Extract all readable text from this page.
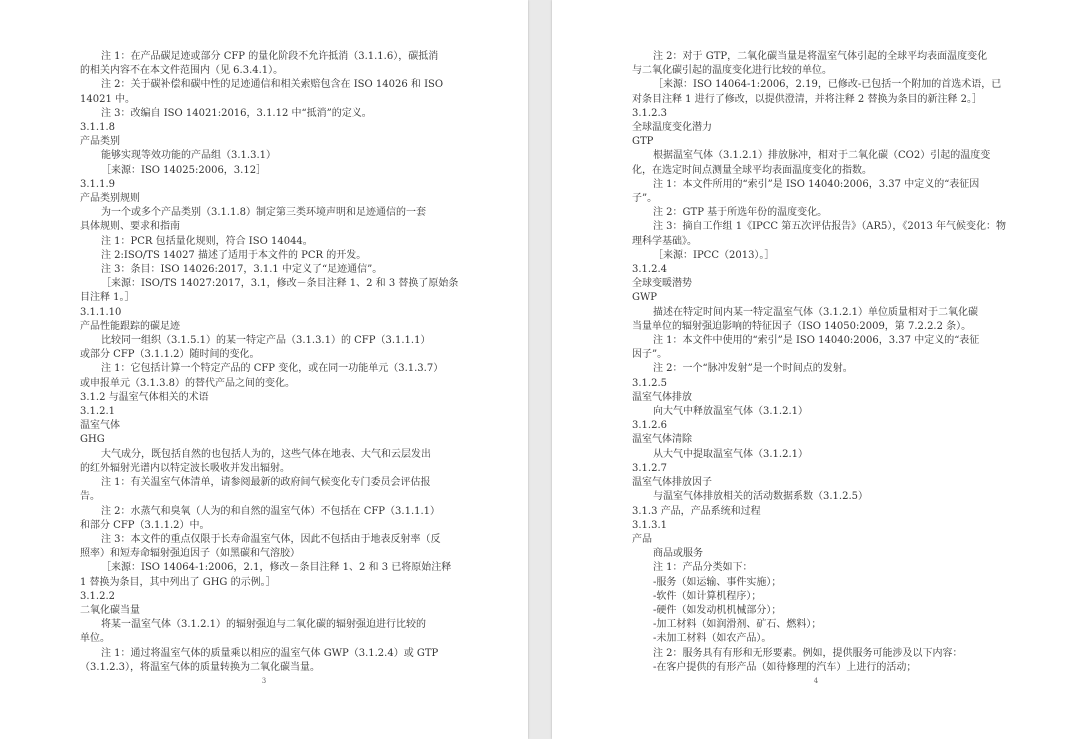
注 1：在产品碳足迹或部分 CFP 的量化阶段不允许抵消（3.1.1.6），碳抵消
的相关内容不在本文件范围内（见 6.3.4.1）。
注 2：关于碳补偿和碳中性的足迹通信和相关索赔包含在 ISO 14026 和 ISO
14021 中。
注 3：改编自 ISO 14021:2016，3.1.12 中“抵消”的定义。
3.1.1.8
产品类别
能够实现等效功能的产品组（3.1.3.1）
［来源：ISO 14025:2006，3.12］
3.1.1.9
产品类别规则
为一个或多个产品类别（3.1.1.8）制定第三类环境声明和足迹通信的一套
具体规则、要求和指南
注 1：PCR 包括量化规则，符合 ISO 14044。
注 2:ISO/TS 14027 描述了适用于本文件的 PCR 的开发。
注 3：条目：ISO 14026:2017，3.1.1 中定义了“足迹通信”。
［来源：ISO/TS 14027:2017，3.1，修改－条目注释 1、2 和 3 替换了原始条
目注释 1。］
3.1.1.10
产品性能跟踪的碳足迹
比较同一组织（3.1.5.1）的某一特定产品（3.1.3.1）的 CFP（3.1.1.1）
或部分 CFP（3.1.1.2）随时间的变化。
注 1：它包括计算一个特定产品的 CFP 变化，或在同一功能单元（3.1.3.7）
或申报单元（3.1.3.8）的替代产品之间的变化。
3.1.2 与温室气体相关的术语
3.1.2.1
温室气体
GHG
大气成分，既包括自然的也包括人为的，这些气体在地表、大气和云层发出
的红外辐射光谱内以特定波长吸收并发出辐射。
注 1：有关温室气体清单，请参阅最新的政府间气候变化专门委员会评估报
告。
注 2：水蒸气和臭氧（人为的和自然的温室气体）不包括在 CFP（3.1.1.1）
和部分 CFP（3.1.1.2）中。
注 3：本文件的重点仅限于长寿命温室气体，因此不包括由于地表反射率（反
照率）和短寿命辐射强迫因子（如黑碳和气溶胶）
［来源：ISO 14064-1:2006，2.1，修改－条目注释 1、2 和 3 已将原始注释
1 替换为条目，其中列出了 GHG 的示例。］
3.1.2.2
二氧化碳当量
将某一温室气体（3.1.2.1）的辐射强迫与二氧化碳的辐射强迫进行比较的
单位。
注 1：通过将温室气体的质量乘以相应的温室气体 GWP（3.1.2.4）或 GTP
（3.1.2.3），将温室气体的质量转换为二氧化碳当量。
3
注 2：对于 GTP，二氧化碳当量是将温室气体引起的全球平均表面温度变化
与二氧化碳引起的温度变化进行比较的单位。
［来源：ISO 14064-1:2006，2.19，已修改-已包括一个附加的首选术语，已
对条目注释 1 进行了修改，以提供澄清，并将注释 2 替换为条目的新注释 2。］
3.1.2.3
全球温度变化潜力
GTP
根据温室气体（3.1.2.1）排放脉冲，相对于二氧化碳（CO2）引起的温度变
化，在选定时间点测量全球平均表面温度变化的指数。
注 1：本文件所用的“索引”是 ISO 14040:2006，3.37 中定义的“表征因
子”。
注 2：GTP 基于所选年份的温度变化。
注 3：摘自工作组 1《IPCC 第五次评估报告》（AR5），《2013 年气候变化：物
理科学基础》。
［来源：IPCC（2013）。］
3.1.2.4
全球变暖潜势
GWP
描述在特定时间内某一特定温室气体（3.1.2.1）单位质量相对于二氧化碳
当量单位的辐射强迫影响的特征因子（ISO 14050:2009，第 7.2.2.2 条）。
注 1：本文件中使用的“索引”是 ISO 14040:2006，3.37 中定义的“表征
因子”。
注 2：一个“脉冲发射”是一个时间点的发射。
3.1.2.5
温室气体排放
向大气中释放温室气体（3.1.2.1）
3.1.2.6
温室气体清除
从大气中提取温室气体（3.1.2.1）
3.1.2.7
温室气体排放因子
与温室气体排放相关的活动数据系数（3.1.2.5）
3.1.3 产品，产品系统和过程
3.1.3.1
产品
商品或服务
注 1：产品分类如下：
-服务（如运输、事件实施）；
-软件（如计算机程序）；
-硬件（如发动机机械部分）；
-加工材料（如润滑剂、矿石、燃料）；
-未加工材料（如农产品）。
注 2：服务具有有形和无形要素。例如，提供服务可能涉及以下内容：
-在客户提供的有形产品（如待修理的汽车）上进行的活动；
4
